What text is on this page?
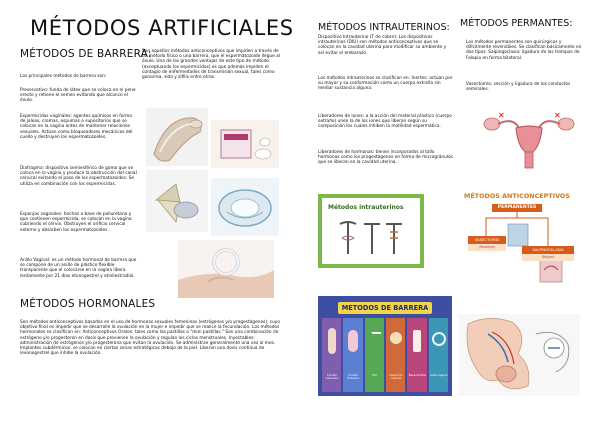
MÉTODOS ARTIFICIALES
MÉTODOS DE BARRERA:
Son aquellos métodos anticonceptivos que impiden a través de un método físico o una barrera, que el espermatozoide llegue al óvulo. Una de las grandes ventajas de este tipo de método (exceptuando los espermicidas) es que además impiden el contagio de enfermedades de transmisión sexual, tales como gonorrea, sida y zifilis entre otras.
Los principales métodos de barrera son:
Preservativo: funda de látex que se coloca en el pene erecto y retiene el semen evitando que alcance el óvulo.
Espermicidas vaginales: agentes químicos en forma de jaleas, cremas, espumas o supositorios que se colocan en la vagina antes de mantener relaciones sexuales. Actúan como bloqueadores mecánicos del cuello y destruyen los espermatozoides.
Diafragma: dispositivo semiesférico de goma que se coloca en la vagina y produce la obstrucción del canal cervical evitando el paso de los espermatozoides. Se utiliza en combinación con los espermicidas.
Esponjas vaginales: hechas a base de poliuretano y que contienen espermicida, se colocan en la vagina cubriendo el cérvix. Obstruyen el orificio cervical externo y absorben los espermatozoides.
Anillo Vaginal: es un método hormonal de barrera que se compone de un anillo de plástico flexible transparente que el colocarse en la vagina libera lentamente por 21 días etonogestrel y etinilestradiol.
MÉTODOS HORMONALES
Son métodos anticonceptivos basados en el uso de hormonas sexuales femeninas (estrógenos y/o progestágenos), cuyo objetivo final es impedir que se desarrolle la ovulación en la mujer e impedir que se realice la fecundación. Los métodos hormonales se clasifican en: Anticonceptivos Orales: tales como las pastillas o "mini pastillas." Son una combinación de estrógeno y/o progesteron en dosis que previenen la ovulación y regulan los ciclos menstruales. Inyectables: administración de estrógenos y/o progesterona que evitan la ovulación. Se administran generalmente una vez al mes. Implantes subdérmicos: se colocan en ciertas zonas estratégicas debajo de la piel. Liberan una dosis continua de levonogestrel que inhibe la ovulación.
MÉTODOS INTRAUTERINOS: MÉTODOS PERMANTES:
Dispositivo Intrauterino (T de cobre): Los dispositivos intrauterinos (DIU) son métodos anticonceptivos que se colocan en la cavidad uterina para modificar su ambiente y así evitar el embarazo.
Los métodos intrauterinos se clasifican en: Inertes: actúan por su mayor y su conformación como un cuerpo extraño sin mediar sustancia alguna.
Liberadores de iones: a la acción del material plástico (cuerpo extraño) unen la de los iones que liberan según su composición los cuales inhiben la motilidad espermática.
Liberadores de hormonas: tienen incorporados al tallo hormonas como los progestágenos en forma de microgránulos que se liberan en la cavidad uterina.
Los métodos permanentes son quirúrgicos y difícilmente reversibles. Se clasifican básicamente en dos tipos: Salpingoclasia: ligadura de las trompas de Falopio en forma bilateral.
Vasectomía: sección y ligadura de los conductos seminales.
✕	✕
Métodos intrauterinos
MÉTODOS ANTICONCEPTIVOS
PERMANENTES
VASECTOMÍA
(Hombre)
SALPINGOCLASIA
(Mujer)
METODOS DE BARRERA
Condón masculino
Condón femenino
DIU	Capuchón cervical
Espermicidas Anillo vaginal
